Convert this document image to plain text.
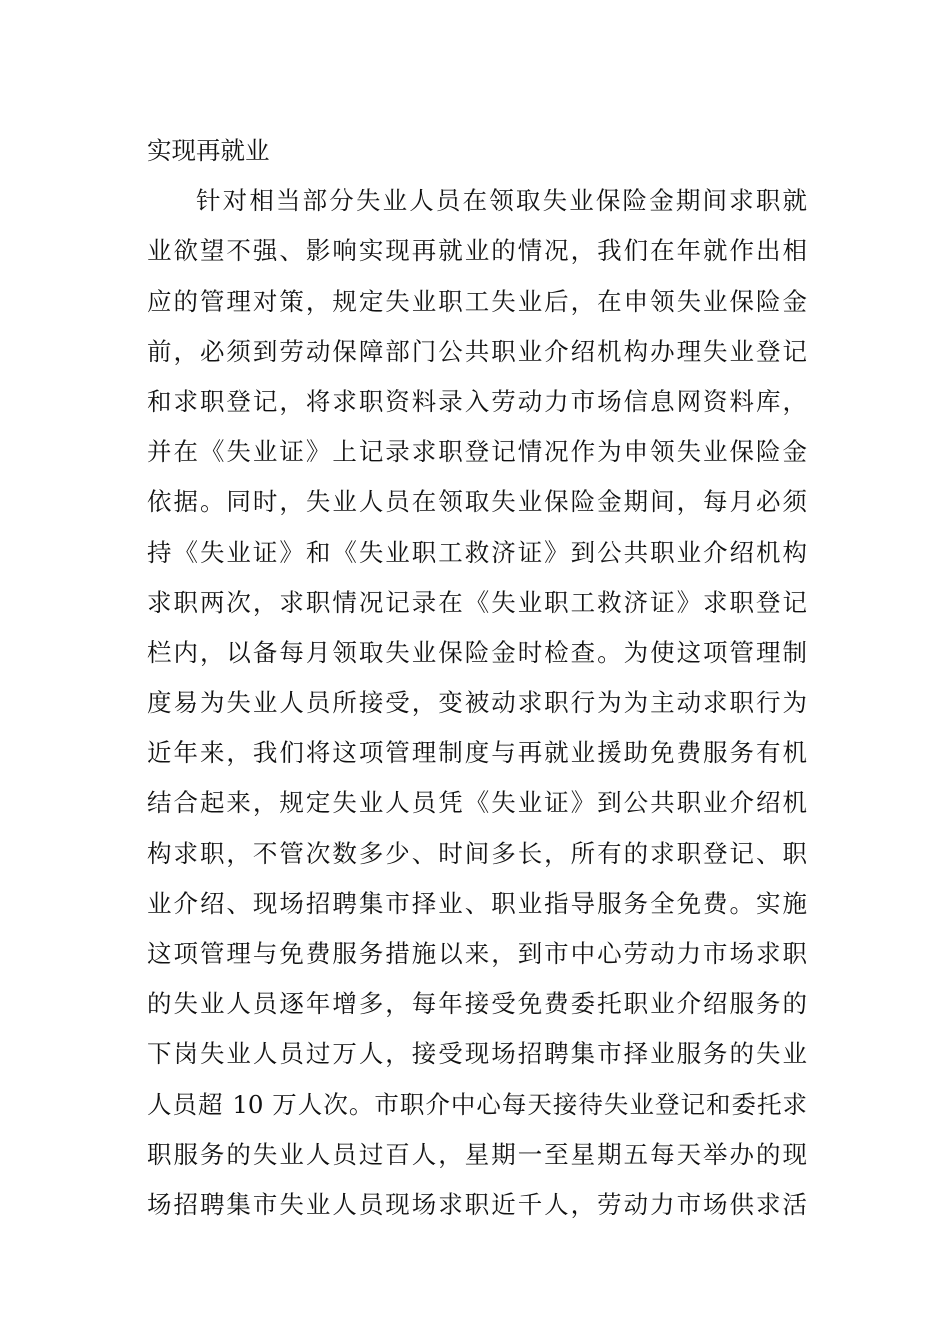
实现再就业
针对相当部分失业人员在领取失业保险金期间求职就
业欲望不强、影响实现再就业的情况，我们在年就作出相
应的管理对策，规定失业职工失业后，在申领失业保险金
前，必须到劳动保障部门公共职业介绍机构办理失业登记
和求职登记，将求职资料录入劳动力市场信息网资料库，
并在《失业证》上记录求职登记情况作为申领失业保险金
依据。同时，失业人员在领取失业保险金期间，每月必须
持《失业证》和《失业职工救济证》到公共职业介绍机构
求职两次，求职情况记录在《失业职工救济证》求职登记
栏内，以备每月领取失业保险金时检查。为使这项管理制
度易为失业人员所接受，变被动求职行为为主动求职行为
近年来，我们将这项管理制度与再就业援助免费服务有机
结合起来，规定失业人员凭《失业证》到公共职业介绍机
构求职，不管次数多少、时间多长，所有的求职登记、职
业介绍、现场招聘集市择业、职业指导服务全免费。实施
这项管理与免费服务措施以来，到市中心劳动力市场求职
的失业人员逐年增多，每年接受免费委托职业介绍服务的
下岗失业人员过万人，接受现场招聘集市择业服务的失业
人员超 10 万人次。市职介中心每天接待失业登记和委托求
职服务的失业人员过百人，星期一至星期五每天举办的现
场招聘集市失业人员现场求职近千人，劳动力市场供求活
